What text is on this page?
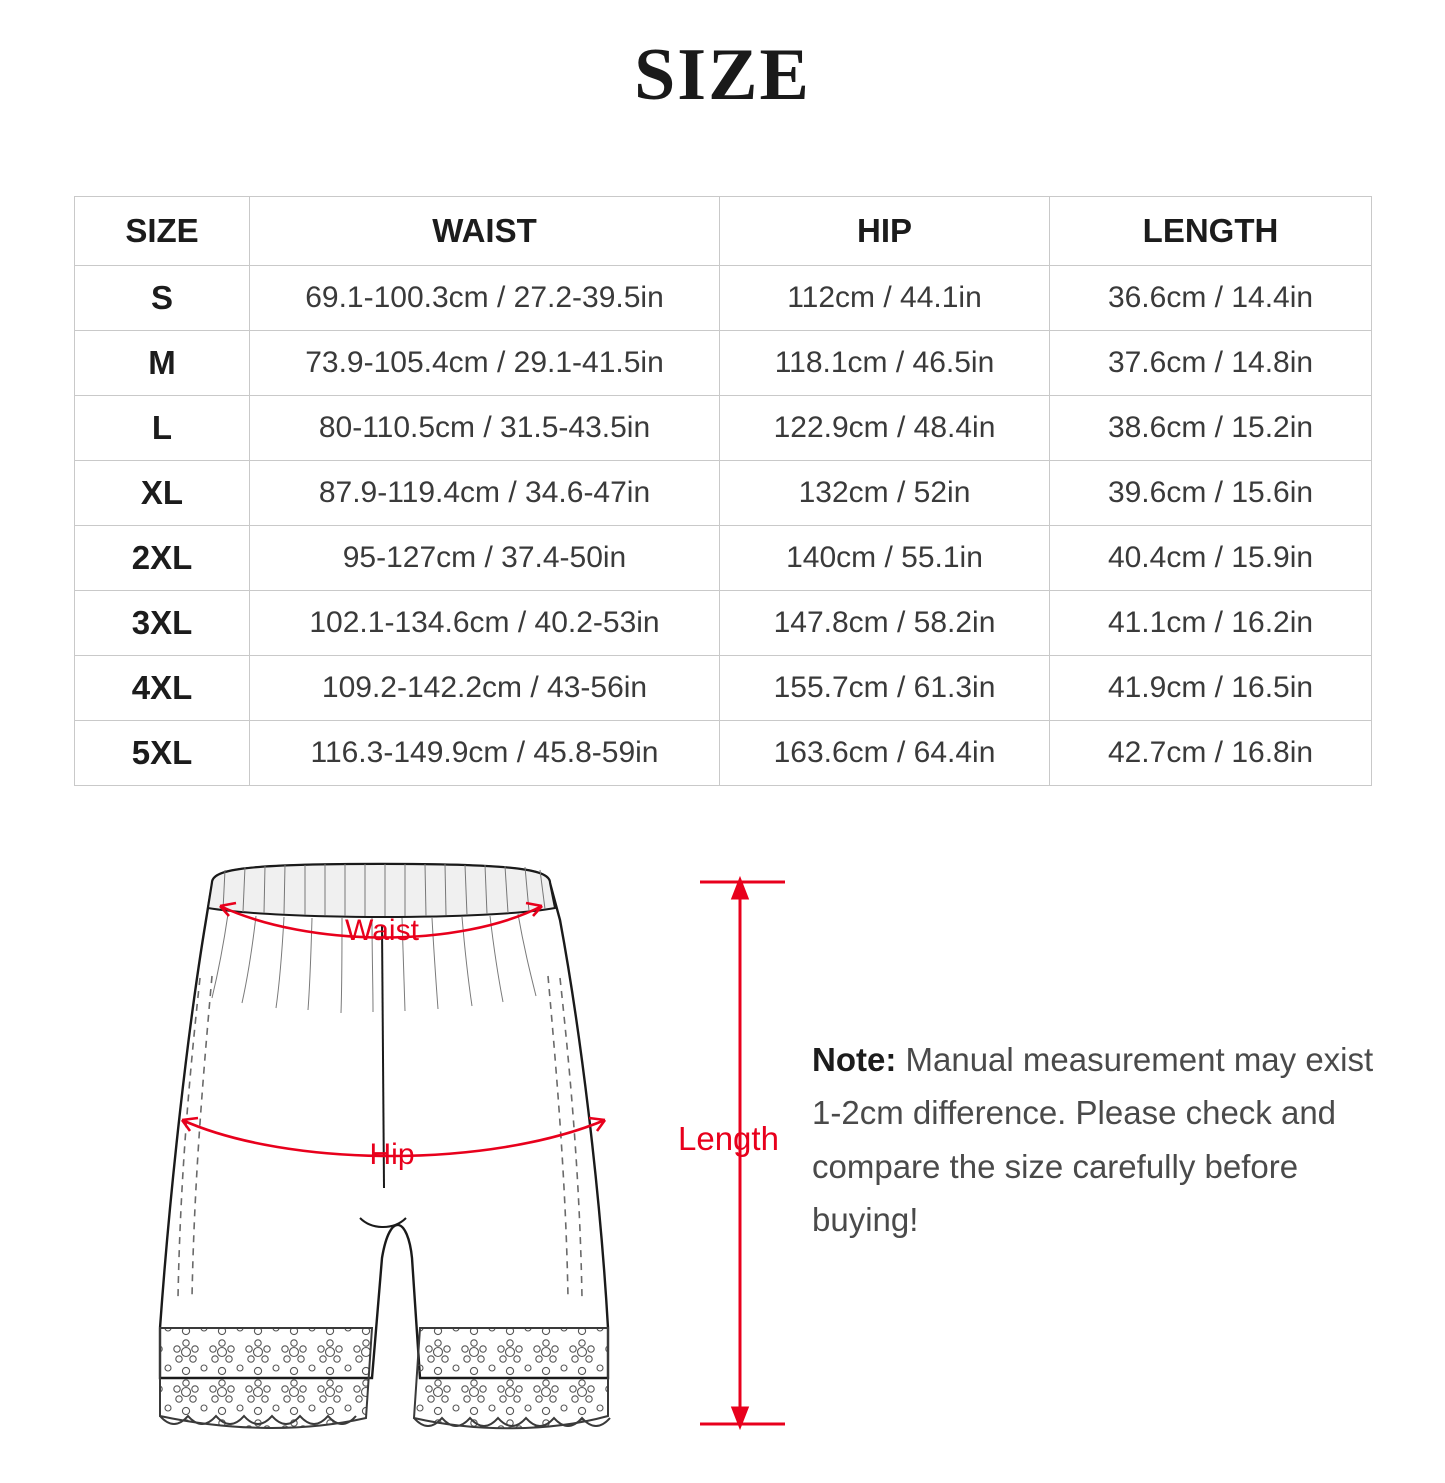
SIZE
SIZE	WAIST	HIP	LENGTH
S	69.1-100.3cm / 27.2-39.5in	112cm / 44.1in	36.6cm / 14.4in
M	73.9-105.4cm / 29.1-41.5in	118.1cm / 46.5in	37.6cm / 14.8in
L	80-110.5cm / 31.5-43.5in	122.9cm / 48.4in	38.6cm / 15.2in
XL	87.9-119.4cm / 34.6-47in	132cm / 52in	39.6cm / 15.6in
2XL	95-127cm / 37.4-50in	140cm / 55.1in	40.4cm / 15.9in
3XL	102.1-134.6cm / 40.2-53in	147.8cm / 58.2in	41.1cm / 16.2in
4XL	109.2-142.2cm / 43-56in	155.7cm / 61.3in	41.9cm / 16.5in
5XL	116.3-149.9cm / 45.8-59in	163.6cm / 64.4in	42.7cm / 16.8in
Waist
Hip	Length
Note: Manual measurement may exist 1-2cm difference. Please check and compare the size carefully before buying!
